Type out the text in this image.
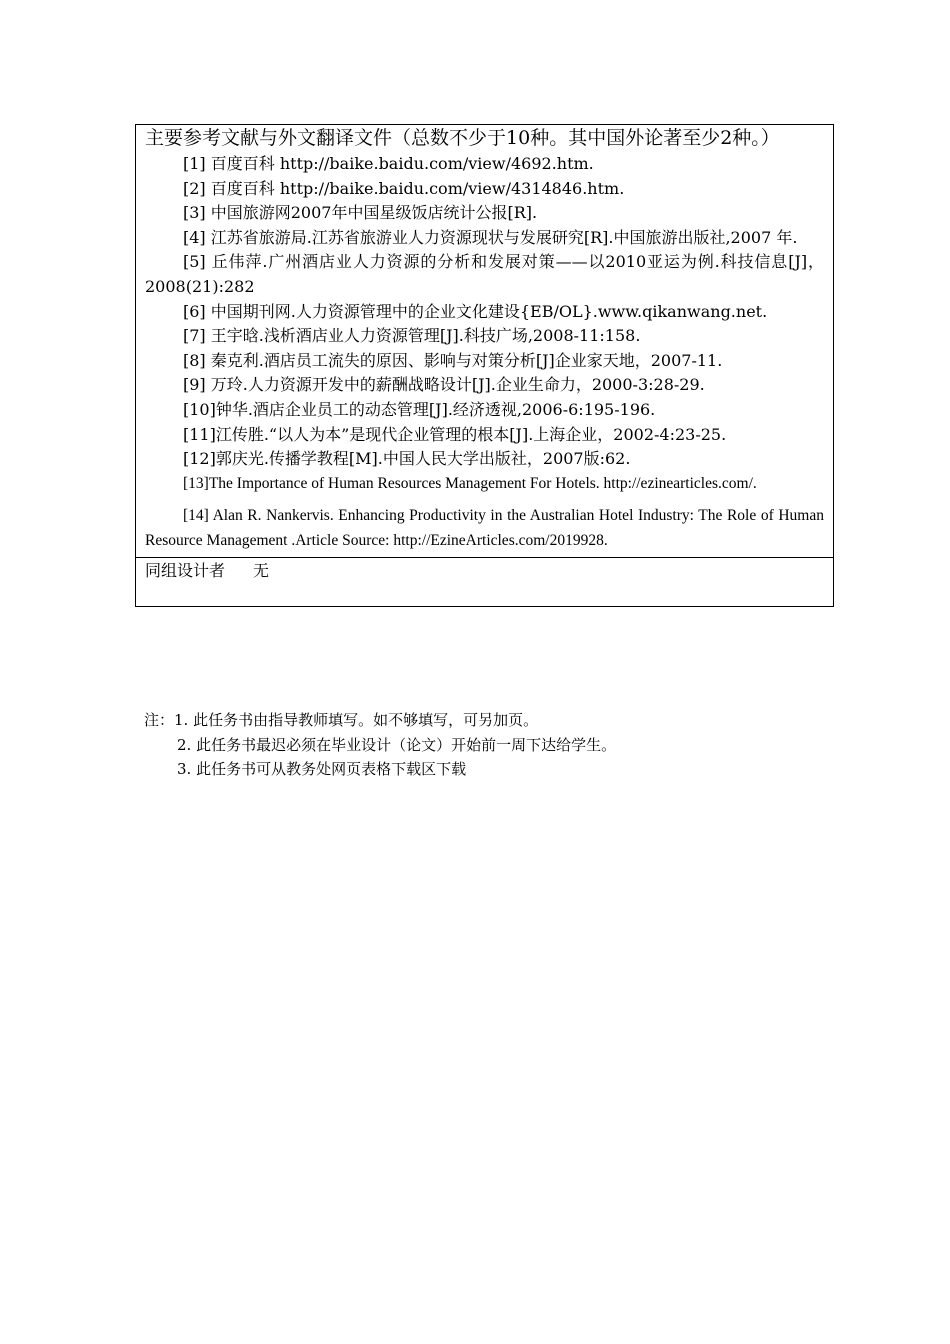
主要参考文献与外文翻译文件（总数不少于10种。其中国外论著至少2种。）

[1] 百度百科 http://baike.baidu.com/view/4692.htm.

[2] 百度百科 http://baike.baidu.com/view/4314846.htm.

[3] 中国旅游网2007年中国星级饭店统计公报[R].

[4] 江苏省旅游局.江苏省旅游业人力资源现状与发展研究[R].中国旅游出版社,2007 年.

[5] 丘伟萍.广州酒店业人力资源的分析和发展对策——以2010亚运为例.科技信息[J]，2008(21):282

[6] 中国期刊网.人力资源管理中的企业文化建设{EB/OL}.www.qikanwang.net.

[7] 王宇晗.浅析酒店业人力资源管理[J].科技广场,2008-11:158.

[8] 秦克利.酒店员工流失的原因、影响与对策分析[J]企业家天地，2007-11.

[9] 万玲.人力资源开发中的薪酬战略设计[J].企业生命力，2000-3:28-29.

[10]钟华.酒店企业员工的动态管理[J].经济透视,2006-6:195-196.

[11]江传胜.“以人为本”是现代企业管理的根本[J].上海企业，2002-4:23-25.

[12]郭庆光.传播学教程[M].中国人民大学出版社，2007版:62.

[13]The Importance of Human Resources Management For Hotels. http://ezinearticles.com/.

[14] Alan R. Nankervis. Enhancing Productivity in the Australian Hotel Industry: The Role of Human Resource Management .Article Source: http://EzineArticles.com/2019928.

同组设计者 无

注：1. 此任务书由指导教师填写。如不够填写，可另加页。

2. 此任务书最迟必须在毕业设计（论文）开始前一周下达给学生。

3. 此任务书可从教务处网页表格下载区下载
